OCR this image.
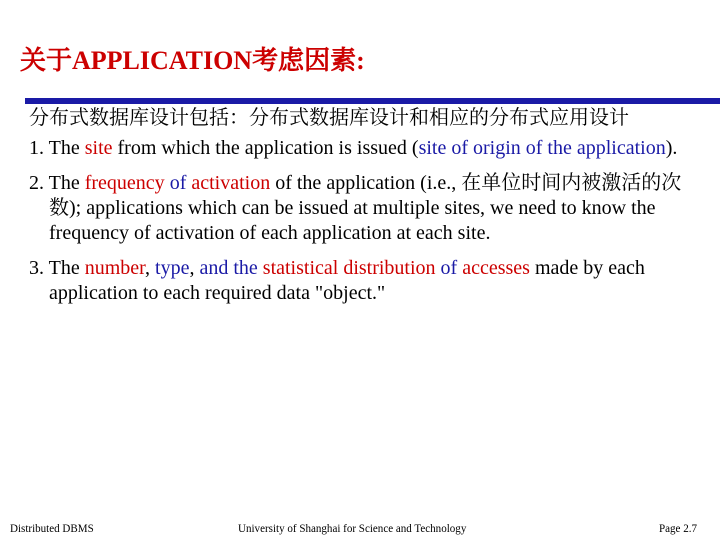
关于APPLICATION考虑因素:

分布式数据库设计包括：分布式数据库设计和相应的分布式应用设计

1. The site from which the application is issued (site of origin of the application).

2. The frequency of activation of the application (i.e., 在单位时间内被激活的次数); applications which can be issued at multiple sites, we need to know the frequency of activation of each application at each site.

3. The number, type, and the statistical distribution of accesses made by each application to each required data "object."

Distributed DBMS	University of Shanghai for Science and Technology	Page 2.7
